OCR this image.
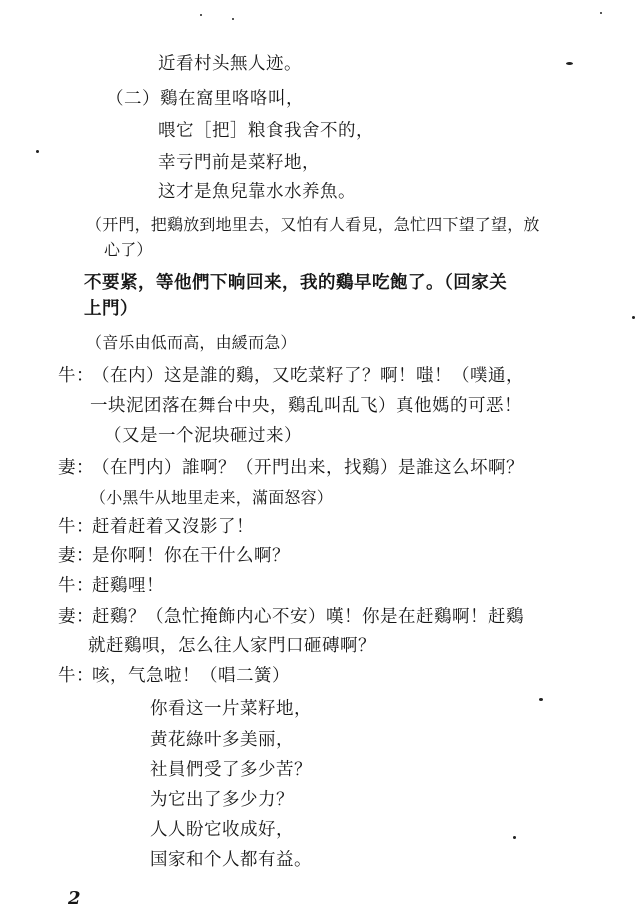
近看村头無人迹。
（二）鷄在窩里咯咯叫，
喂它［把］粮食我舍不的，
幸亏門前是菜籽地，
这才是魚兒靠水水养魚。
（开門，把鷄放到地里去，又怕有人看見，急忙四下望了望，放
心了）
不要紧，等他們下晌回来，我的鷄早吃飽了。（回家关
上門）
（音乐由低而高，由緩而急）
牛：
（在内）这是誰的鷄，又吃菜籽了？啊！嗤！（噗通，
一块泥团落在舞台中央，鷄乱叫乱飞）真他媽的可恶！
（又是一个泥块砸过来）
妻：
（在門内）誰啊？（开門出来，找鷄）是誰这么坏啊？
（小黑牛从地里走来，滿面怒容）
牛：
赶着赶着又沒影了！
妻：
是你啊！你在干什么啊？
牛：
赶鷄哩！
妻：
赶鷄？（急忙掩飾内心不安）嘆！你是在赶鷄啊！赶鷄
就赶鷄唄，怎么往人家門口砸磚啊？
牛：
咳，气急啦！（唱二簧）
你看这一片菜籽地，
黄花綠叶多美丽，
社員們受了多少苦？
为它出了多少力？
人人盼它收成好，
国家和个人都有益。
2
